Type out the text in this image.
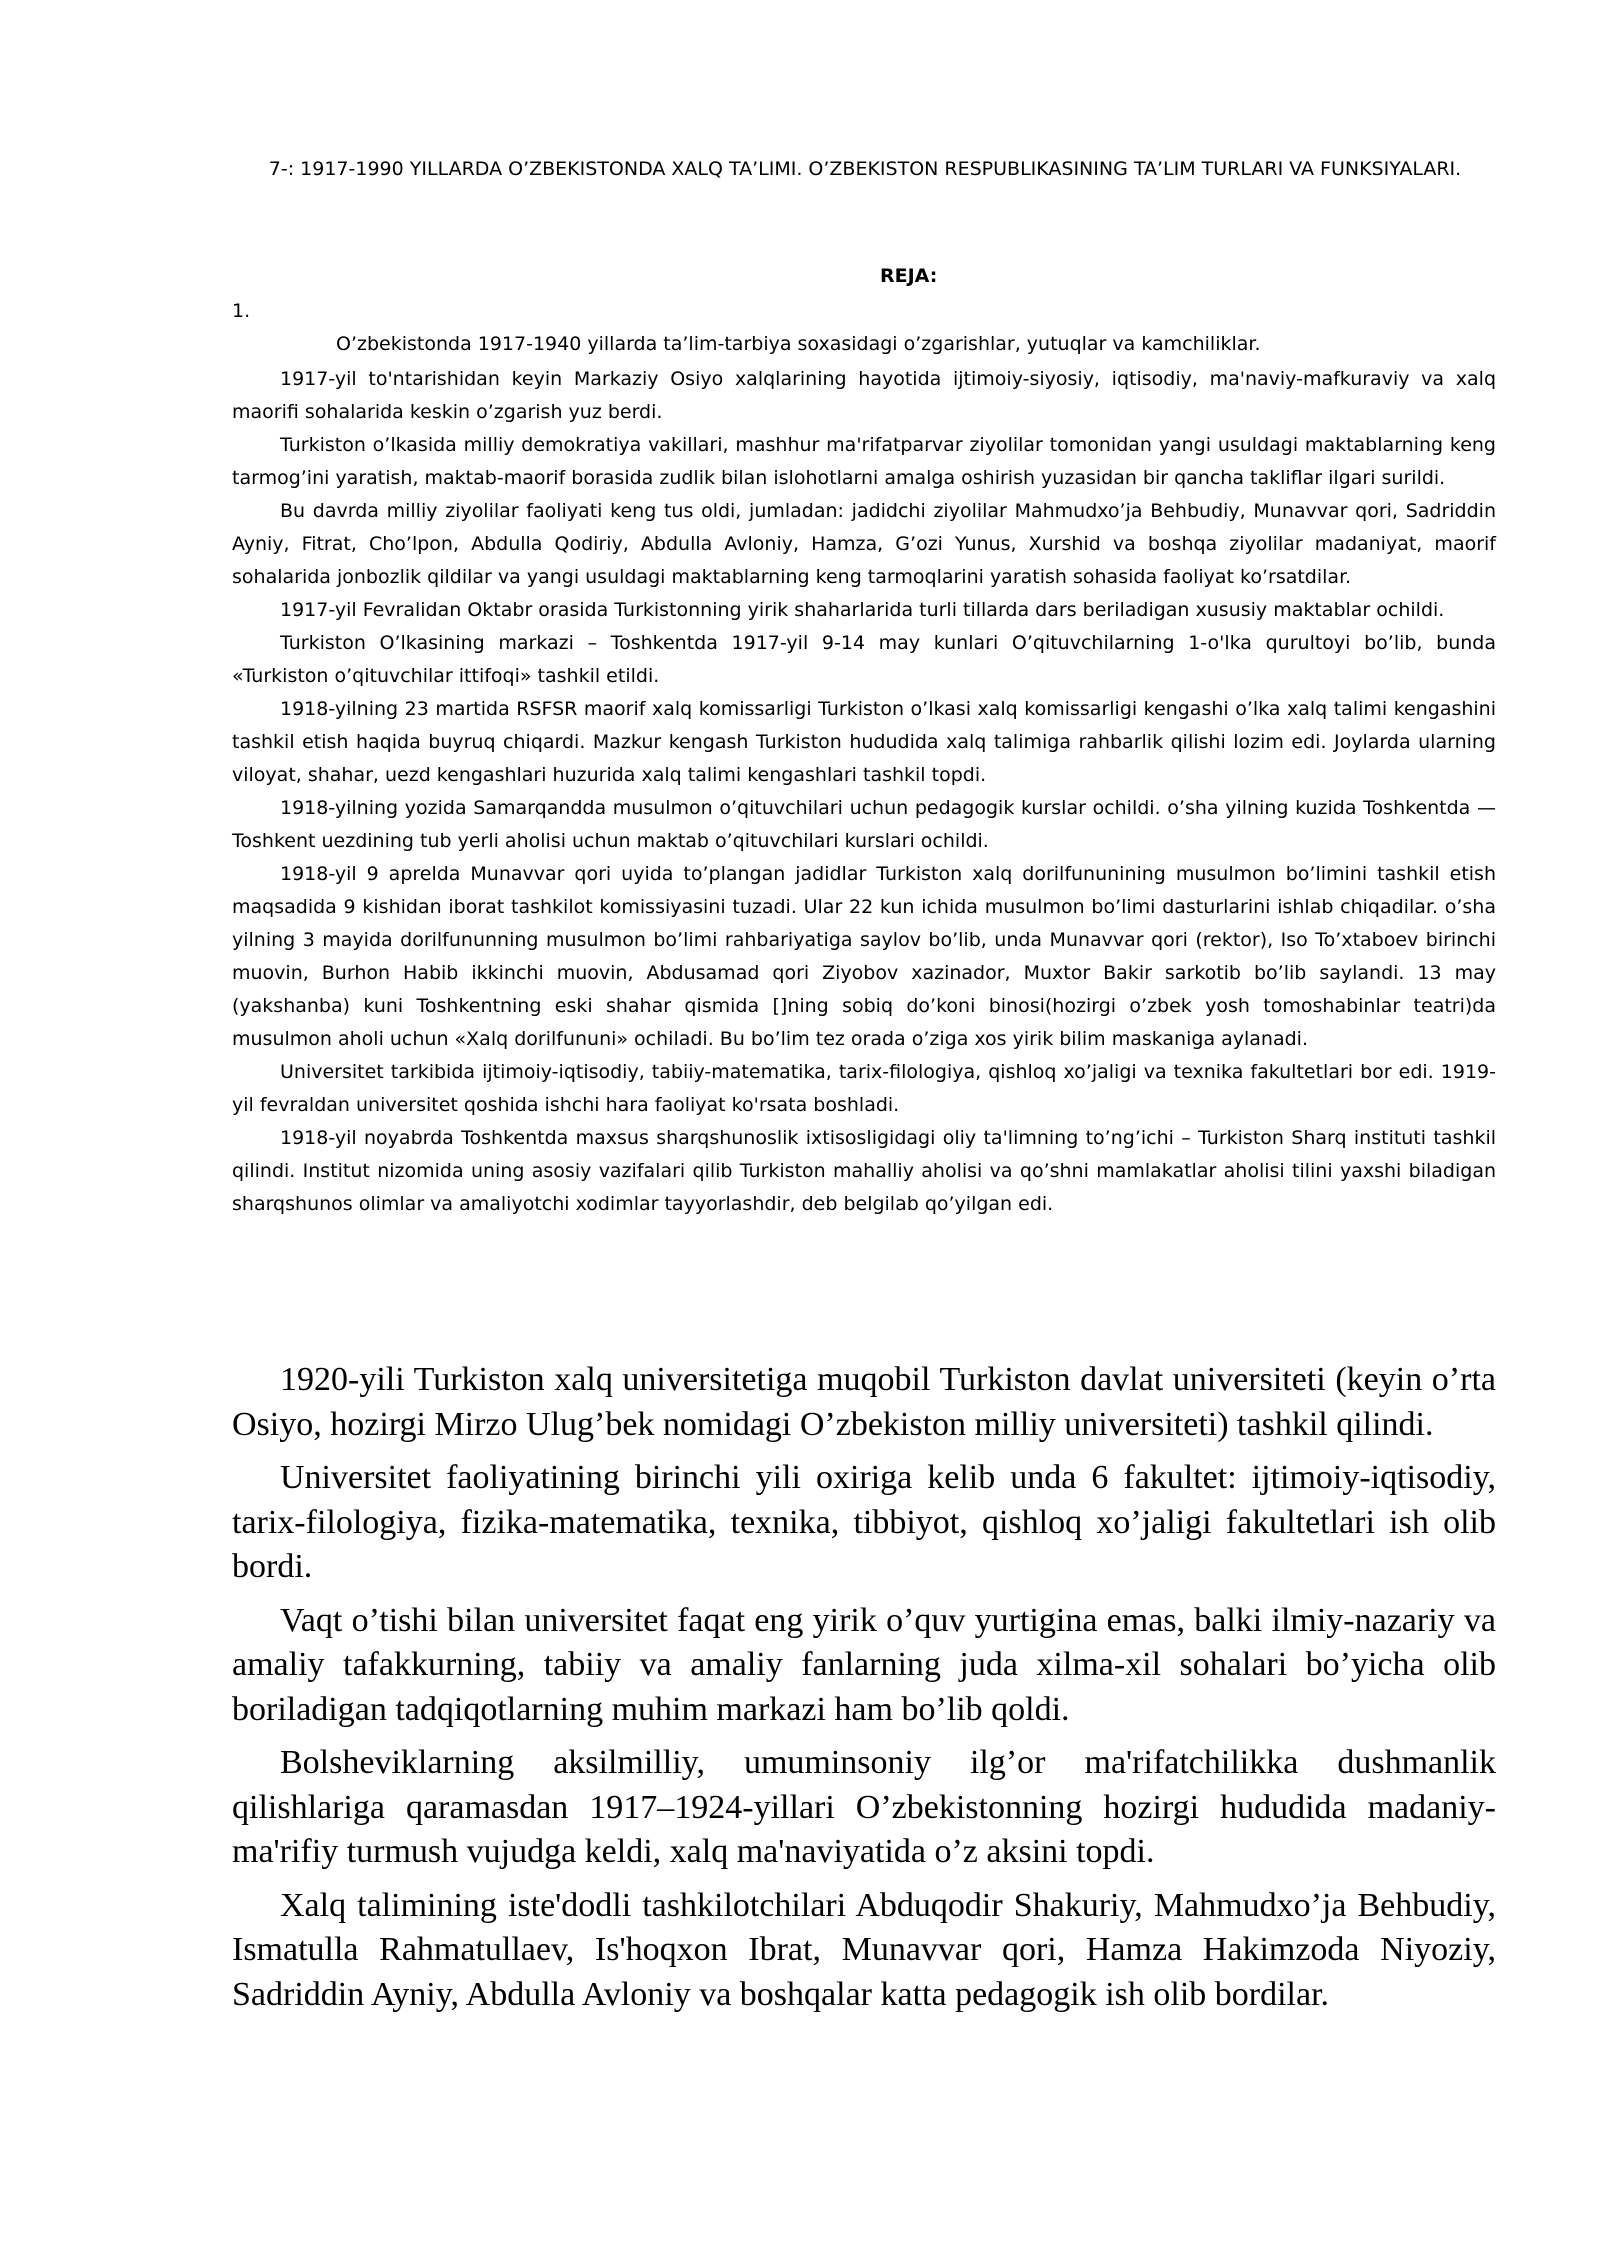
7-: 1917-1990 YILLARDA O’ZBEKISTONDA XALQ TA’LIMI. O’ZBEKISTON RESPUBLIKASINING TA’LIM TURLARI VA FUNKSIYALARI.
REJA:
1.
O’zbekistonda 1917-1940 yillarda ta’lim-tarbiya soxasidagi o’zgarishlar, yutuqlar va kamchiliklar.

1917-yil to'ntarishidan keyin Markaziy Osiyo xalqlarining hayotida ijtimoiy-siyosiy, iqtisodiy, ma'naviy-mafkuraviy va xalq maorifi sohalarida keskin o’zgarish yuz berdi.

Turkiston o’lkasida milliy demokratiya vakillari, mashhur ma'rifatparvar ziyolilar tomonidan yangi usuldagi maktablarning keng tarmog’ini yaratish, maktab-maorif borasida zudlik bilan islohotlarni amalga oshirish yuzasidan bir qancha takliflar ilgari surildi.

Bu davrda milliy ziyolilar faoliyati keng tus oldi, jumladan: jadidchi ziyolilar Mahmudxo’ja Behbudiy, Munavvar qori, Sadriddin Ayniy, Fitrat, Cho’lpon, Abdulla Qodiriy, Abdulla Avloniy, Hamza, G’ozi Yunus, Xurshid va boshqa ziyolilar madaniyat, maorif sohalarida jonbozlik qildilar va yangi usuldagi maktablarning keng tarmoqlarini yaratish sohasida faoliyat ko’rsatdilar.

1917-yil Fevralidan Oktabr orasida Turkistonning yirik shaharlarida turli tillarda dars beriladigan xususiy maktablar ochildi.

Turkiston O’lkasining markazi – Toshkentda 1917-yil 9-14 may kunlari O’qituvchilarning 1-o'lka qurultoyi bo’lib, bunda «Turkiston o’qituvchilar ittifoqi» tashkil etildi.

1918-yilning 23 martida RSFSR maorif xalq komissarligi Turkiston o’lkasi xalq komissarligi kengashi o’lka xalq talimi kengashini tashkil etish haqida buyruq chiqardi. Mazkur kengash Turkiston hududida xalq talimiga rahbarlik qilishi lozim edi. Joylarda ularning viloyat, shahar, uezd kengashlari huzurida xalq talimi kengashlari tashkil topdi.

1918-yilning yozida Samarqandda musulmon o’qituvchilari uchun pedagogik kurslar ochildi. o’sha yilning kuzida Toshkentda — Toshkent uezdining tub yerli aholisi uchun maktab o’qituvchilari kurslari ochildi.

1918-yil 9 aprelda Munavvar qori uyida to’plangan jadidlar Turkiston xalq dorilfununining musulmon bo’limini tashkil etish maqsadida 9 kishidan iborat tashkilot komissiyasini tuzadi. Ular 22 kun ichida musulmon bo’limi dasturlarini ishlab chiqadilar. o’sha yilning 3 mayida dorilfununning musulmon bo’limi rahbariyatiga saylov bo’lib, unda Munavvar qori (rektor), Iso To’xtaboev birinchi muovin, Burhon Habib ikkinchi muovin, Abdusamad qori Ziyobov xazinador, Muxtor Bakir sarkotib bo’lib saylandi. 13 may (yakshanba) kuni Toshkentning eski shahar qismida []ning sobiq do’koni binosi(hozirgi o’zbek yosh tomoshabinlar teatri)da musulmon aholi uchun «Xalq dorilfununi» ochiladi. Bu bo’lim tez orada o’ziga xos yirik bilim maskaniga aylanadi.

Universitet tarkibida ijtimoiy-iqtisodiy, tabiiy-matematika, tarix-filologiya, qishloq xo’jaligi va texnika fakultetlari bor edi. 1919-yil fevraldan universitet qoshida ishchi hara faoliyat ko'rsata boshladi.

1918-yil noyabrda Toshkentda maxsus sharqshunoslik ixtisosligidagi oliy ta'limning to’ng’ichi – Turkiston Sharq instituti tashkil qilindi. Institut nizomida uning asosiy vazifalari qilib Turkiston mahalliy aholisi va qo’shni mamlakatlar aholisi tilini yaxshi biladigan sharqshunos olimlar va amaliyotchi xodimlar tayyorlashdir, deb belgilab qo’yilgan edi.

1920-yili Turkiston xalq universitetiga muqobil Turkiston davlat universiteti (keyin o’rta Osiyo, hozirgi Mirzo Ulug’bek nomidagi O’zbekiston milliy universiteti) tashkil qilindi.

Universitet faoliyatining birinchi yili oxiriga kelib unda 6 fakultet: ijtimoiy-iqtisodiy, tarix-filologiya, fizika-matematika, texnika, tibbiyot, qishloq xo’jaligi fakultetlari ish olib bordi.

Vaqt o’tishi bilan universitet faqat eng yirik o’quv yurtigina emas, balki ilmiy-nazariy va amaliy tafakkurning, tabiiy va amaliy fanlarning juda xilma-xil sohalari bo’yicha olib boriladigan tadqiqotlarning muhim markazi ham bo’lib qoldi.

Bolsheviklarning aksilmilliy, umuminsoniy ilg’or ma'rifatchilikka dushmanlik qilishlariga qaramasdan 1917–1924-yillari O’zbekistonning hozirgi hududida madaniy-ma'rifiy turmush vujudga keldi, xalq ma'naviyatida o’z aksini topdi.

Xalq talimining iste'dodli tashkilotchilari Abduqodir Shakuriy, Mahmudxo’ja Behbudiy, Ismatulla Rahmatullaev, Is'hoqxon Ibrat, Munavvar qori, Hamza Hakimzoda Niyoziy, Sadriddin Ayniy, Abdulla Avloniy va boshqalar katta pedagogik ish olib bordilar.
